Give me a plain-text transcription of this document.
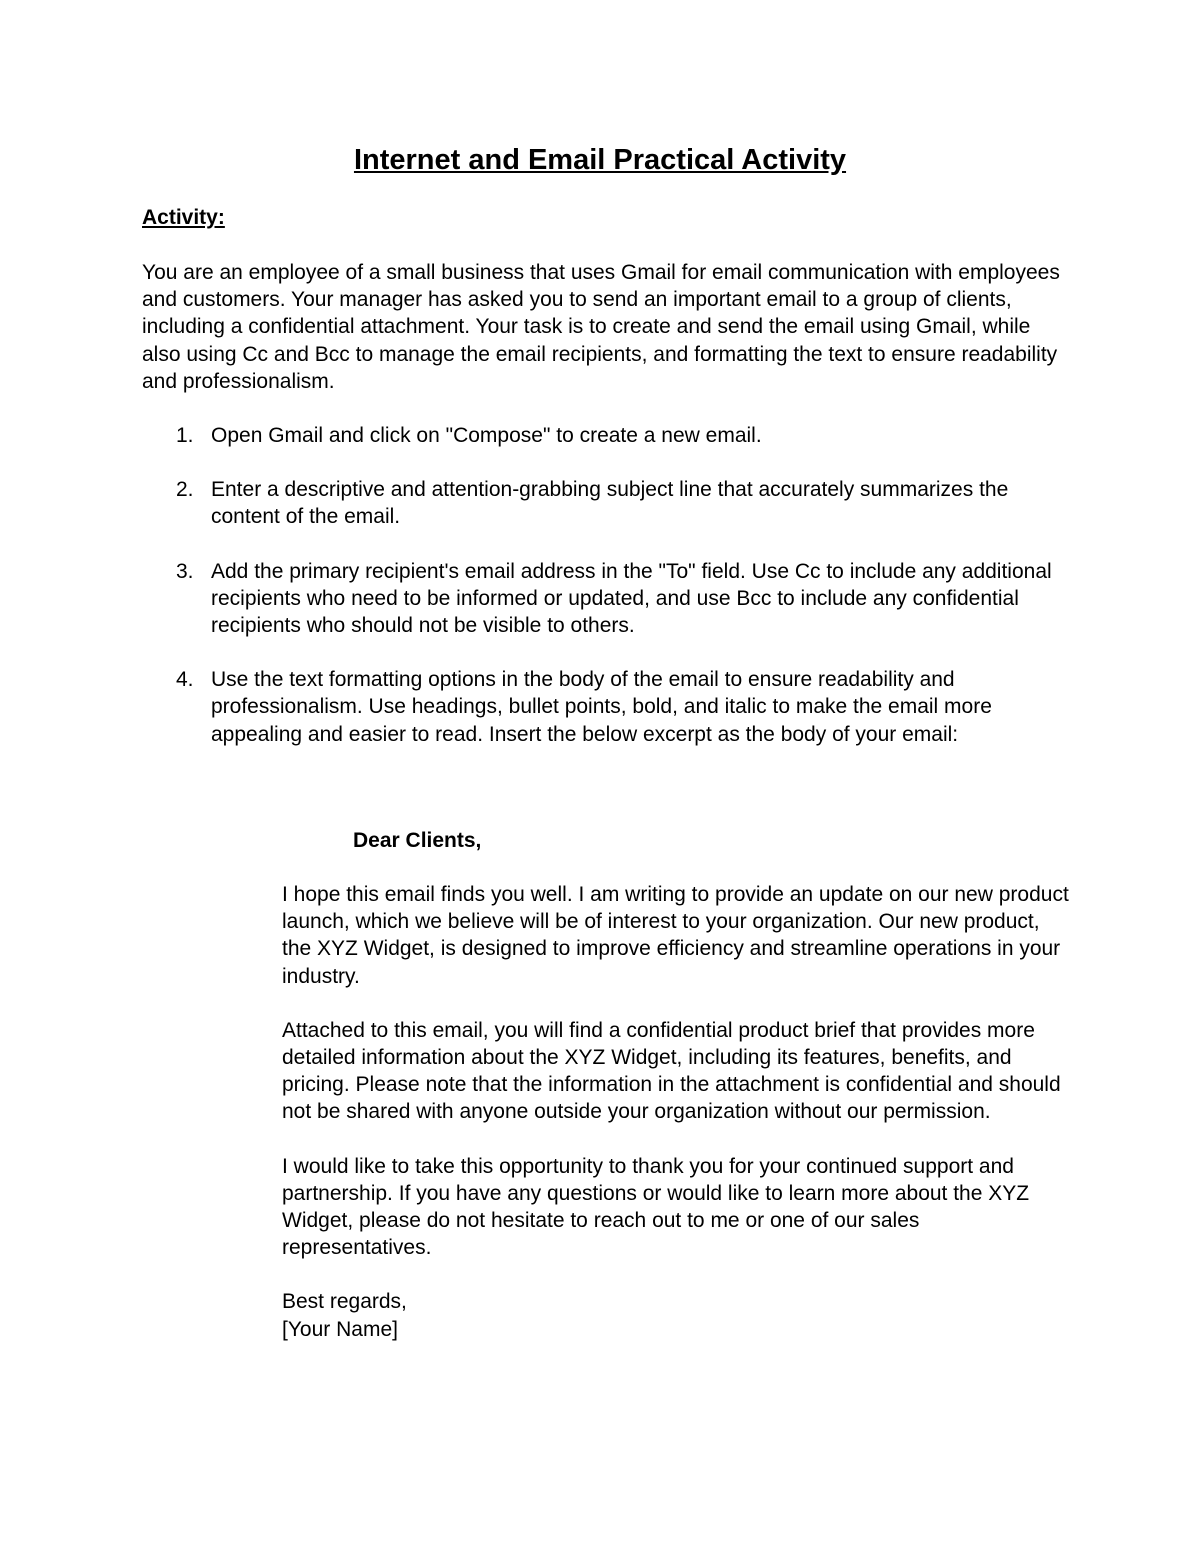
Internet and Email Practical Activity
Activity:

You are an employee of a small business that uses Gmail for email communication with employees and customers. Your manager has asked you to send an important email to a group of clients, including a confidential attachment. Your task is to create and send the email using Gmail, while also using Cc and Bcc to manage the email recipients, and formatting the text to ensure readability and professionalism.

1. Open Gmail and click on "Compose" to create a new email.
2. Enter a descriptive and attention-grabbing subject line that accurately summarizes the content of the email.
3. Add the primary recipient's email address in the "To" field. Use Cc to include any additional recipients who need to be informed or updated, and use Bcc to include any confidential recipients who should not be visible to others.
4. Use the text formatting options in the body of the email to ensure readability and professionalism. Use headings, bullet points, bold, and italic to make the email more appealing and easier to read. Insert the below excerpt as the body of your email:

Dear Clients,

I hope this email finds you well. I am writing to provide an update on our new product launch, which we believe will be of interest to your organization. Our new product, the XYZ Widget, is designed to improve efficiency and streamline operations in your industry.

Attached to this email, you will find a confidential product brief that provides more detailed information about the XYZ Widget, including its features, benefits, and pricing. Please note that the information in the attachment is confidential and should not be shared with anyone outside your organization without our permission.

I would like to take this opportunity to thank you for your continued support and partnership. If you have any questions or would like to learn more about the XYZ Widget, please do not hesitate to reach out to me or one of our sales representatives.

Best regards,
[Your Name]
